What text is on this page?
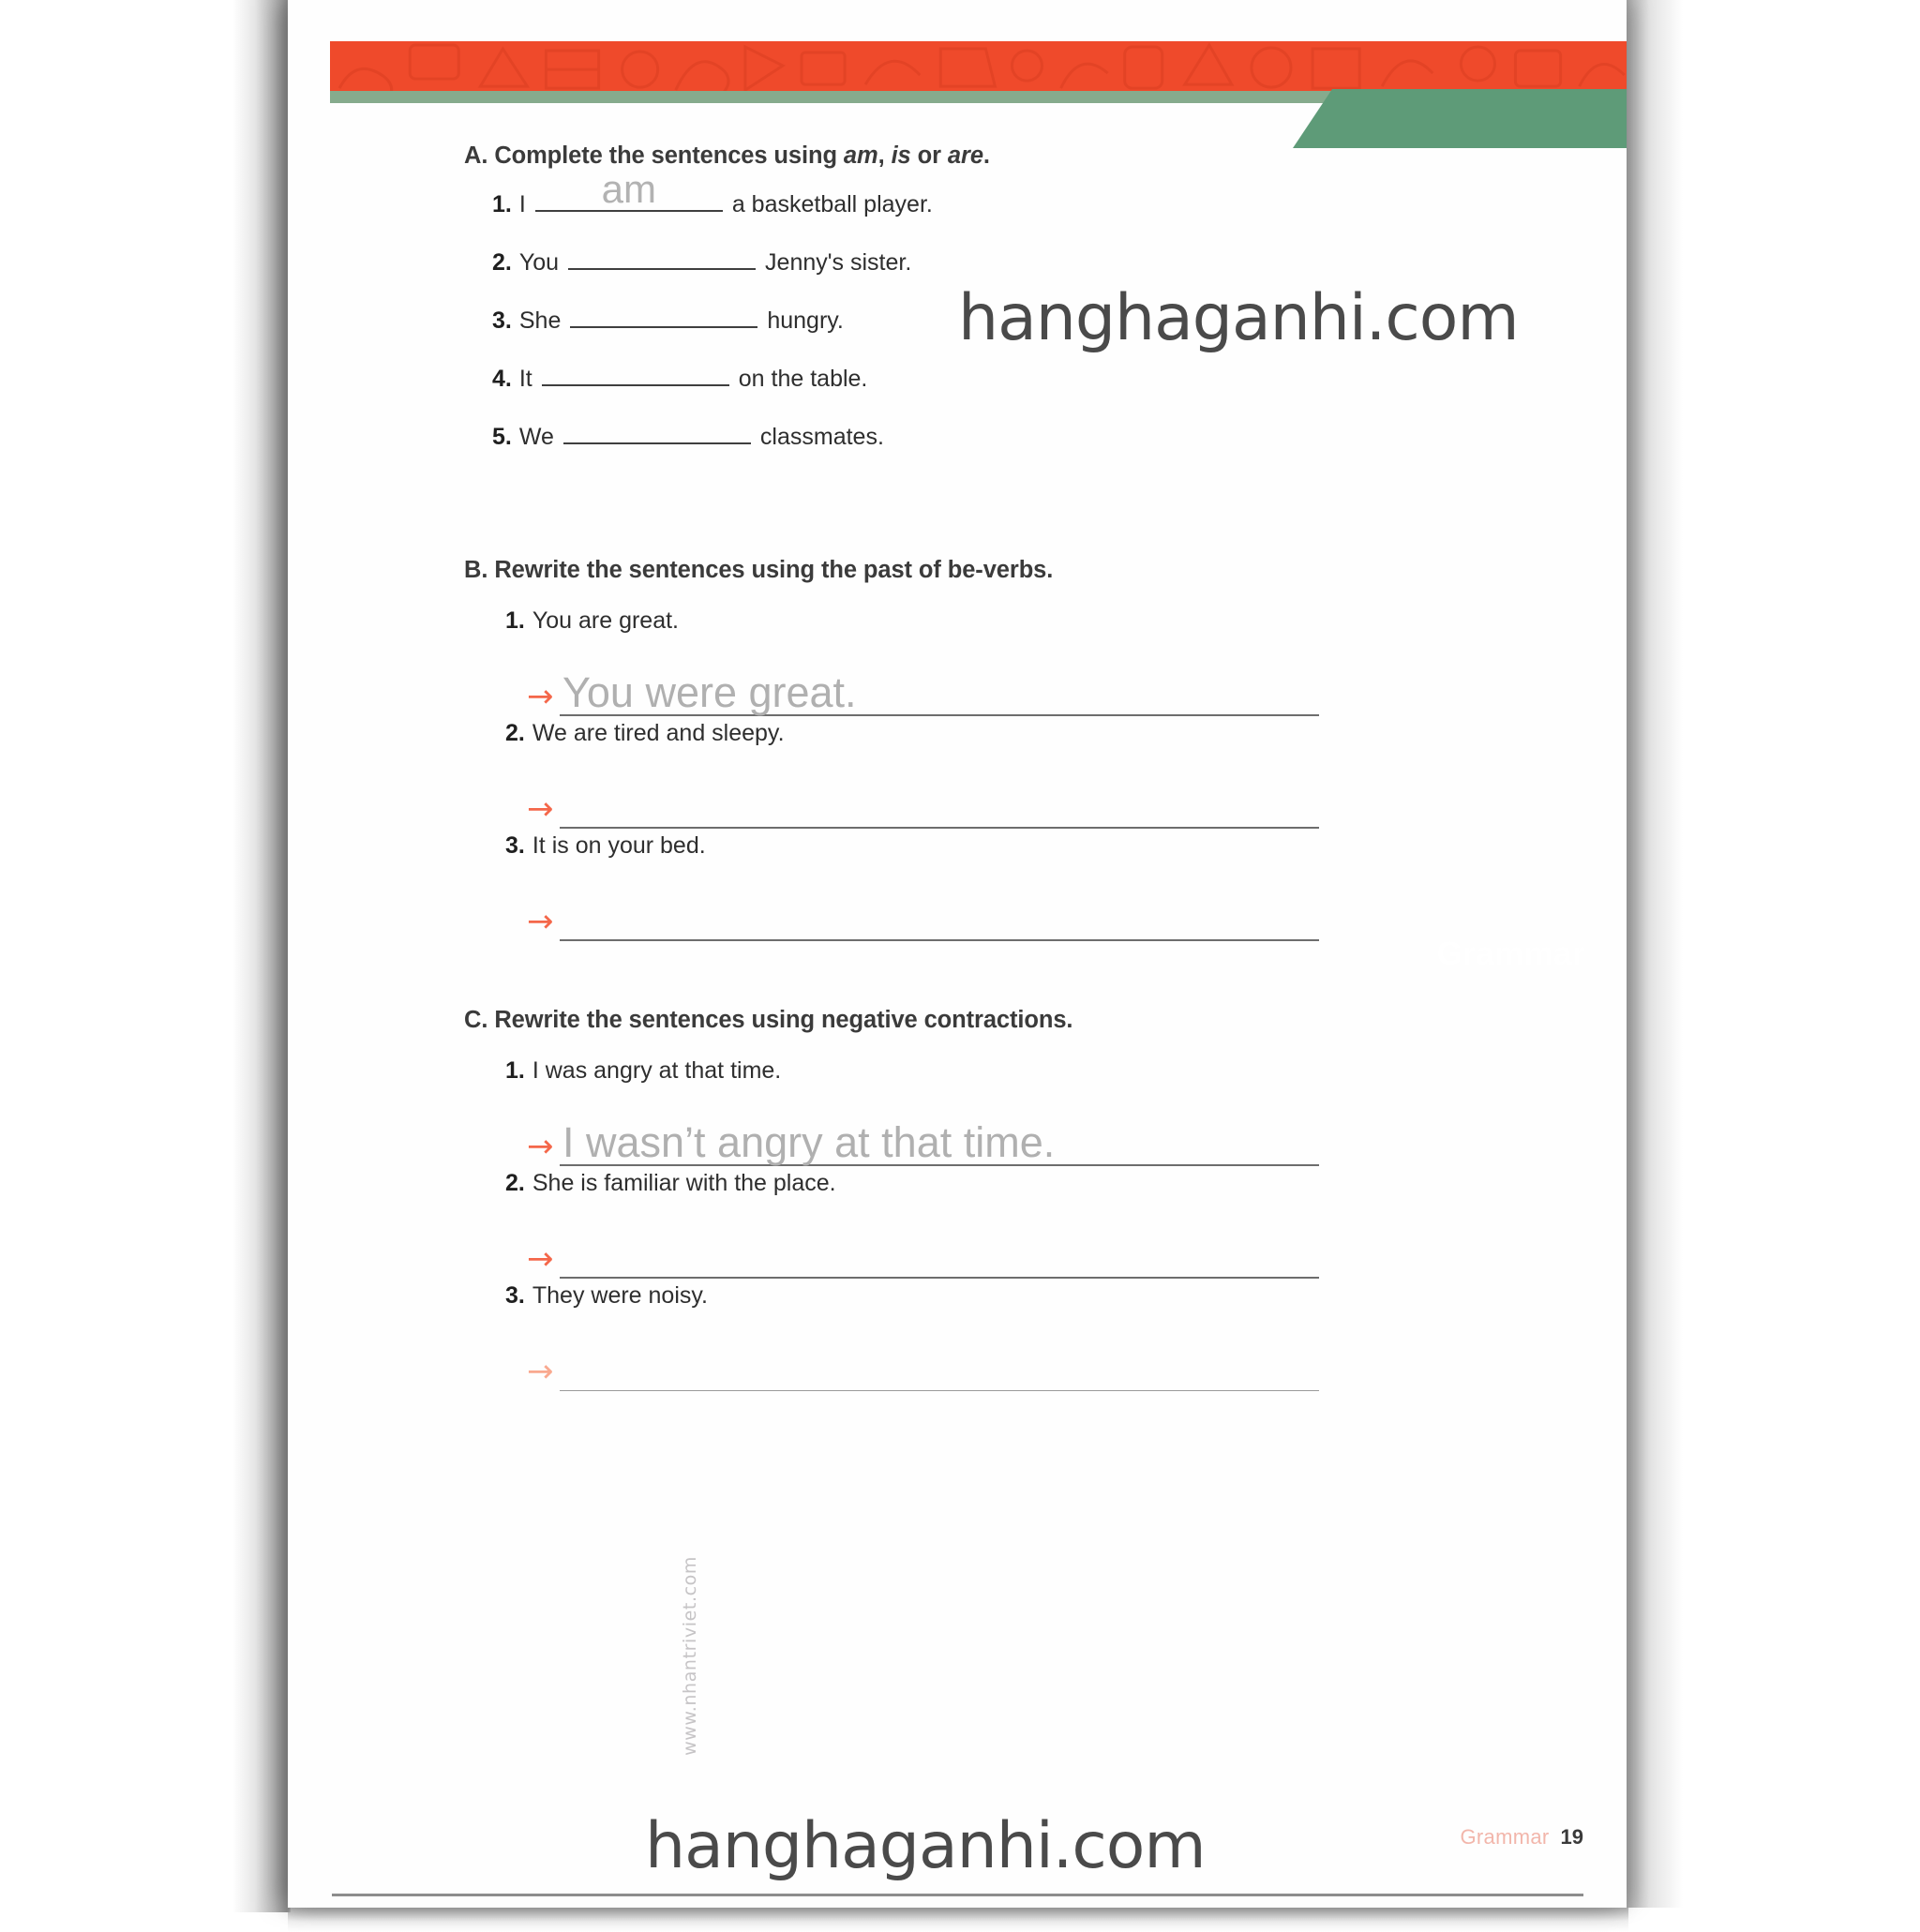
Grammar
A. Complete the sentences using am, is or are.
1. I am	a basketball player.
2. You	Jenny's sister.
3. She	hungry.
4. It	on the table.
5. We	classmates.
B. Rewrite the sentences using the past of be-verbs.
1. You are great.
→ You were great.
2. We are tired and sleepy.
→
3. It is on your bed.
→
C. Rewrite the sentences using negative contractions.
1. I was angry at that time.
→ I wasn’t angry at that time.
2. She is familiar with the place.
→
3. They were noisy.
→

www.nhantriviet.com
Grammar 19
hanghaganhi.com
hanghaganhi.com
